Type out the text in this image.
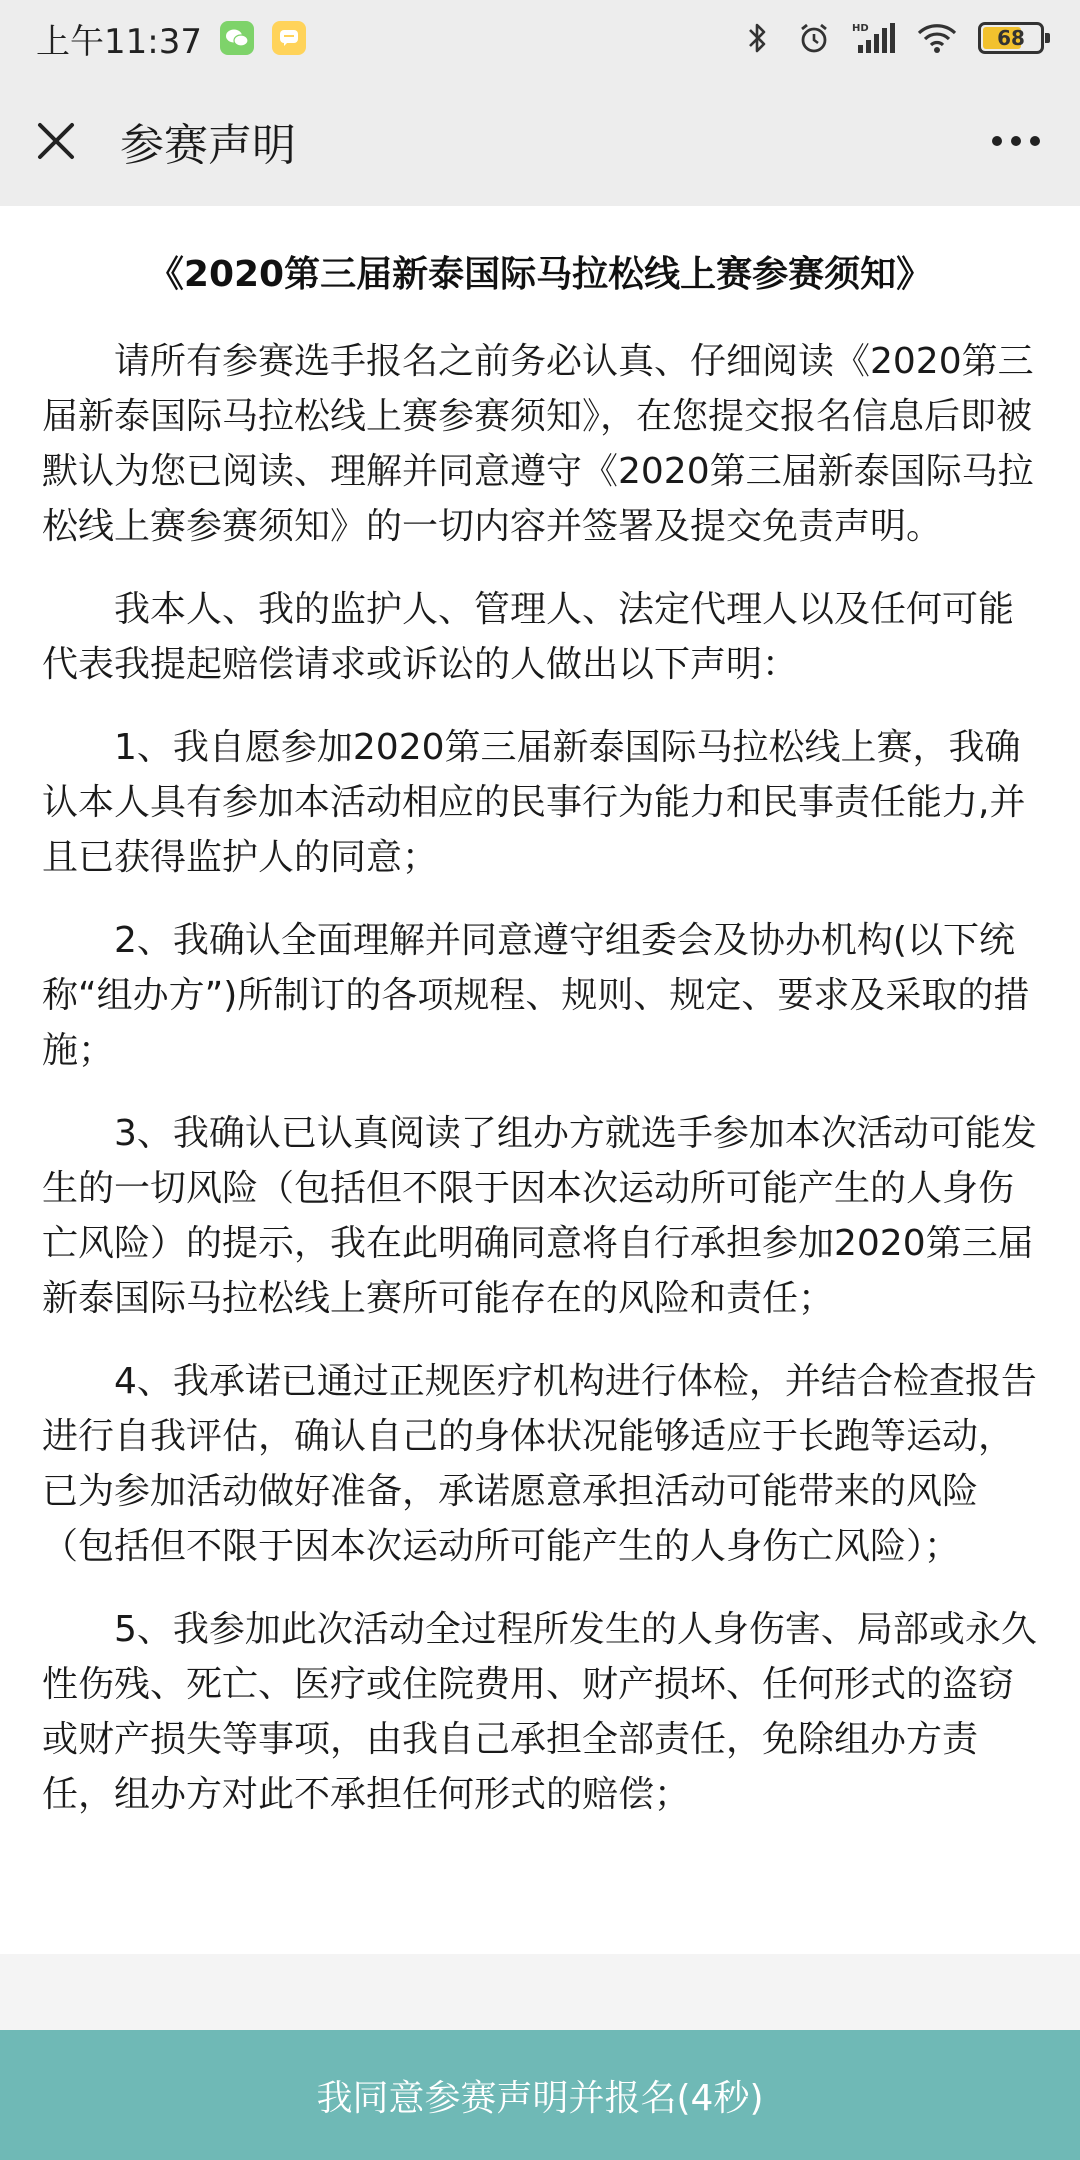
上午11:37	HD	68
参赛声明
《2020第三届新泰国际马拉松线上赛参赛须知》

请所有参赛选手报名之前务必认真、仔细阅读《2020第三届新泰国际马拉松线上赛参赛须知》，在您提交报名信息后即被默认为您已阅读、理解并同意遵守《2020第三届新泰国际马拉松线上赛参赛须知》的一切内容并签署及提交免责声明。

我本人、我的监护人、管理人、法定代理人以及任何可能代表我提起赔偿请求或诉讼的人做出以下声明：

1、我自愿参加2020第三届新泰国际马拉松线上赛，我确认本人具有参加本活动相应的民事行为能力和民事责任能力,并且已获得监护人的同意；

2、我确认全面理解并同意遵守组委会及协办机构(以下统称“组办方”)所制订的各项规程、规则、规定、要求及采取的措施；

3、我确认已认真阅读了组办方就选手参加本次活动可能发生的一切风险（包括但不限于因本次运动所可能产生的人身伤亡风险）的提示，我在此明确同意将自行承担参加2020第三届新泰国际马拉松线上赛所可能存在的风险和责任；

4、我承诺已通过正规医疗机构进行体检，并结合检查报告进行自我评估，确认自己的身体状况能够适应于长跑等运动，已为参加活动做好准备，承诺愿意承担活动可能带来的风险（包括但不限于因本次运动所可能产生的人身伤亡风险）；

5、我参加此次活动全过程所发生的人身伤害、局部或永久性伤残、死亡、医疗或住院费用、财产损坏、任何形式的盗窃或财产损失等事项，由我自己承担全部责任，免除组办方责任，组办方对此不承担任何形式的赔偿；

我同意参赛声明并报名(4秒)
